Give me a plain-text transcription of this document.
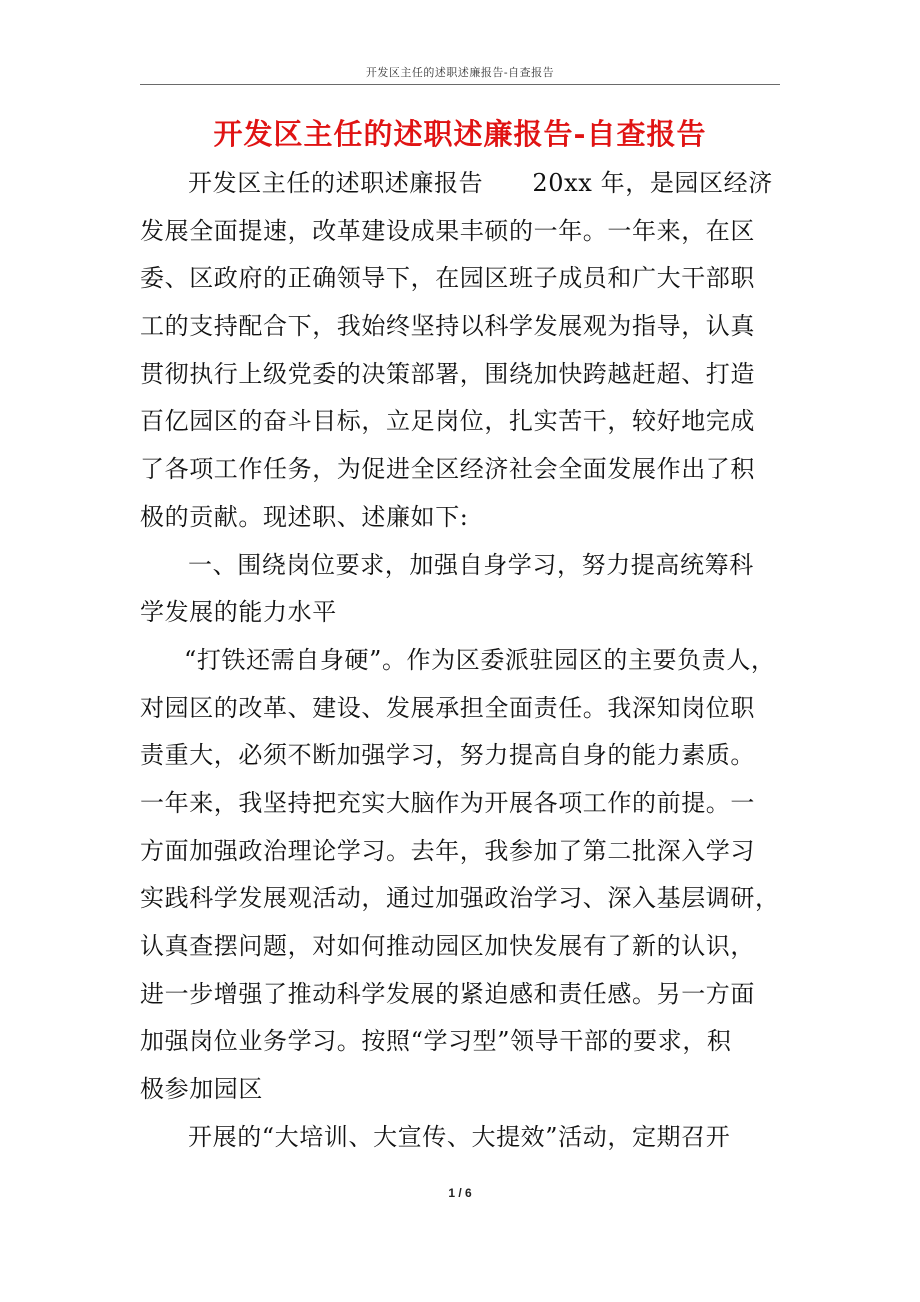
开发区主任的述职述廉报告-自查报告
开发区主任的述职述廉报告-自查报告
开发区主任的述职述廉报告　　20xx 年，是园区经济
发展全面提速，改革建设成果丰硕的一年。一年来，在区
委、区政府的正确领导下，在园区班子成员和广大干部职
工的支持配合下，我始终坚持以科学发展观为指导，认真
贯彻执行上级党委的决策部署，围绕加快跨越赶超、打造
百亿园区的奋斗目标，立足岗位，扎实苦干，较好地完成
了各项工作任务，为促进全区经济社会全面发展作出了积
极的贡献。现述职、述廉如下:
一、围绕岗位要求，加强自身学习，努力提高统筹科
学发展的能力水平
“打铁还需自身硬”。作为区委派驻园区的主要负责人，
对园区的改革、建设、发展承担全面责任。我深知岗位职
责重大，必须不断加强学习，努力提高自身的能力素质。
一年来，我坚持把充实大脑作为开展各项工作的前提。一
方面加强政治理论学习。去年，我参加了第二批深入学习
实践科学发展观活动，通过加强政治学习、深入基层调研，
认真查摆问题，对如何推动园区加快发展有了新的认识，
进一步增强了推动科学发展的紧迫感和责任感。另一方面
加强岗位业务学习。按照“学习型”领导干部的要求，积
极参加园区
开展的“大培训、大宣传、大提效”活动，定期召开
1 / 6
